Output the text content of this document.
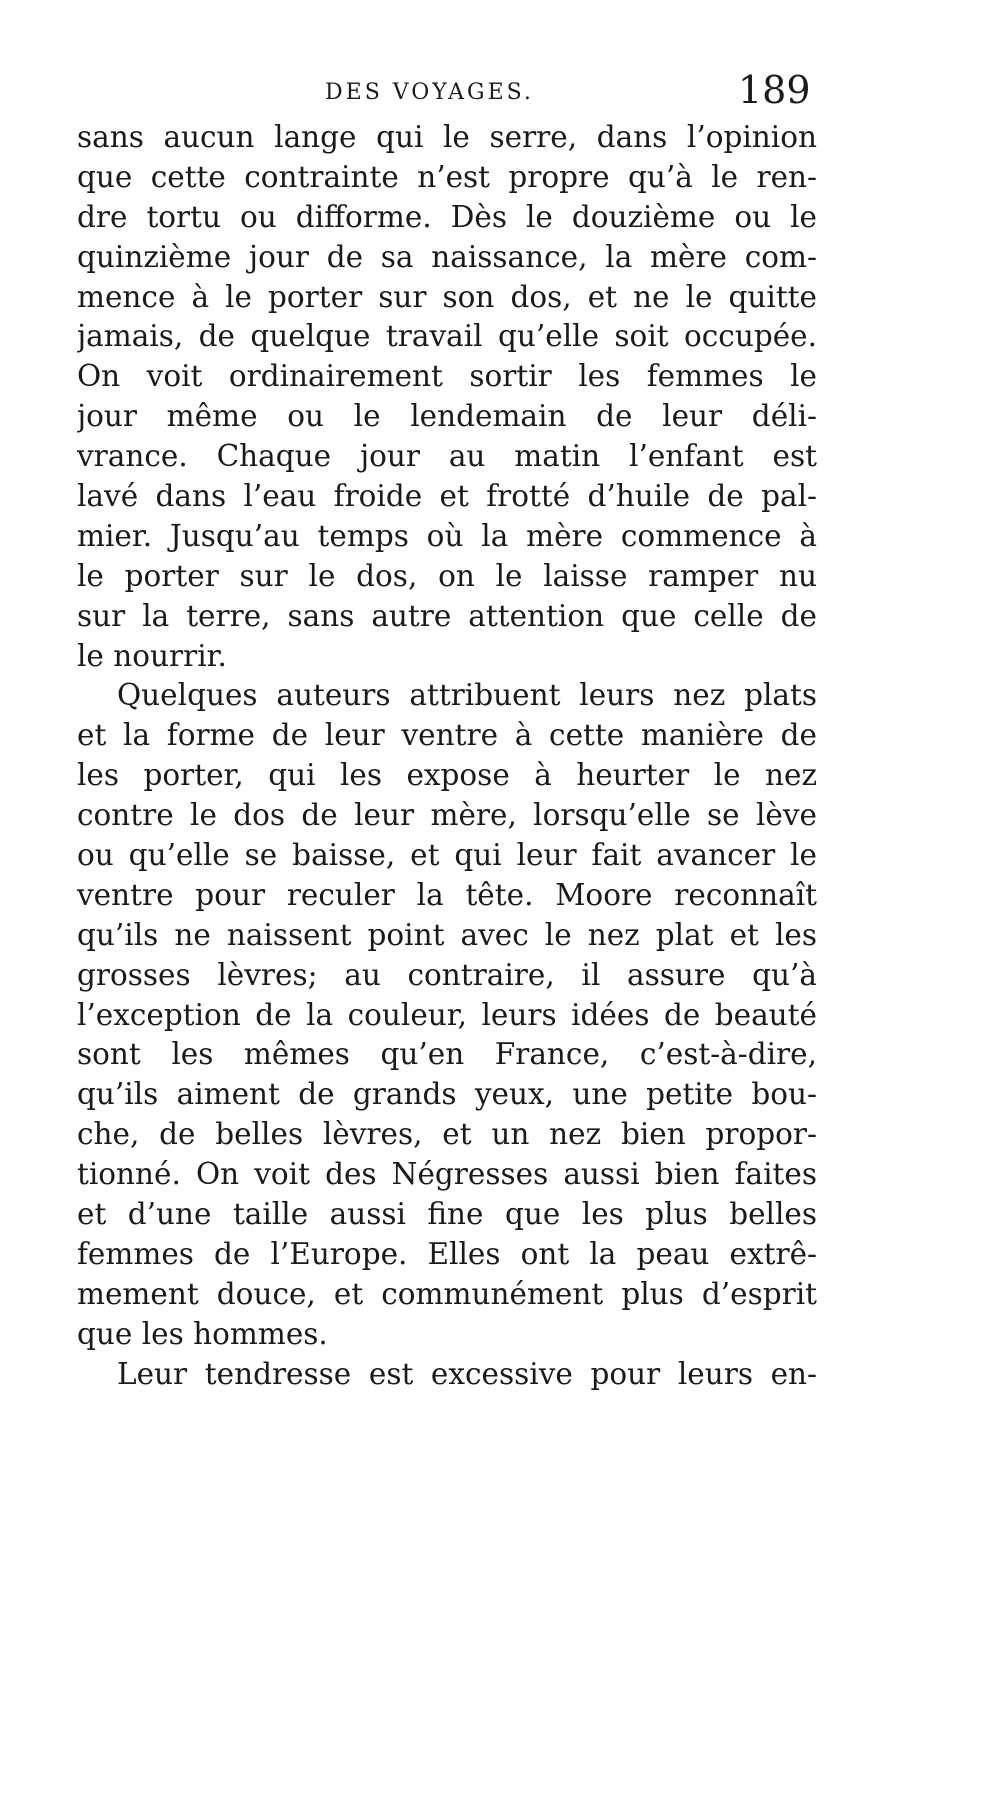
DES VOYAGES.	189
sans aucun lange qui le serre, dans l’opinion
que cette contrainte n’est propre qu’à le ren-
dre tortu ou difforme. Dès le douzième ou le
quinzième jour de sa naissance, la mère com-
mence à le porter sur son dos, et ne le quitte
jamais, de quelque travail qu’elle soit occupée.
On voit ordinairement sortir les femmes le
jour même ou le lendemain de leur déli-
vrance. Chaque jour au matin l’enfant est
lavé dans l’eau froide et frotté d’huile de pal-
mier. Jusqu’au temps où la mère commence à
le porter sur le dos, on le laisse ramper nu
sur la terre, sans autre attention que celle de
le nourrir.
Quelques auteurs attribuent leurs nez plats
et la forme de leur ventre à cette manière de
les porter, qui les expose à heurter le nez
contre le dos de leur mère, lorsqu’elle se lève
ou qu’elle se baisse, et qui leur fait avancer le
ventre pour reculer la tête. Moore reconnaît
qu’ils ne naissent point avec le nez plat et les
grosses lèvres; au contraire, il assure qu’à
l’exception de la couleur, leurs idées de beauté
sont les mêmes qu’en France, c’est-à-dire,
qu’ils aiment de grands yeux, une petite bou-
che, de belles lèvres, et un nez bien propor-
tionné. On voit des Négresses aussi bien faites
et d’une taille aussi fine que les plus belles
femmes de l’Europe. Elles ont la peau extrê-
mement douce, et communément plus d’esprit
que les hommes.
Leur tendresse est excessive pour leurs en-
